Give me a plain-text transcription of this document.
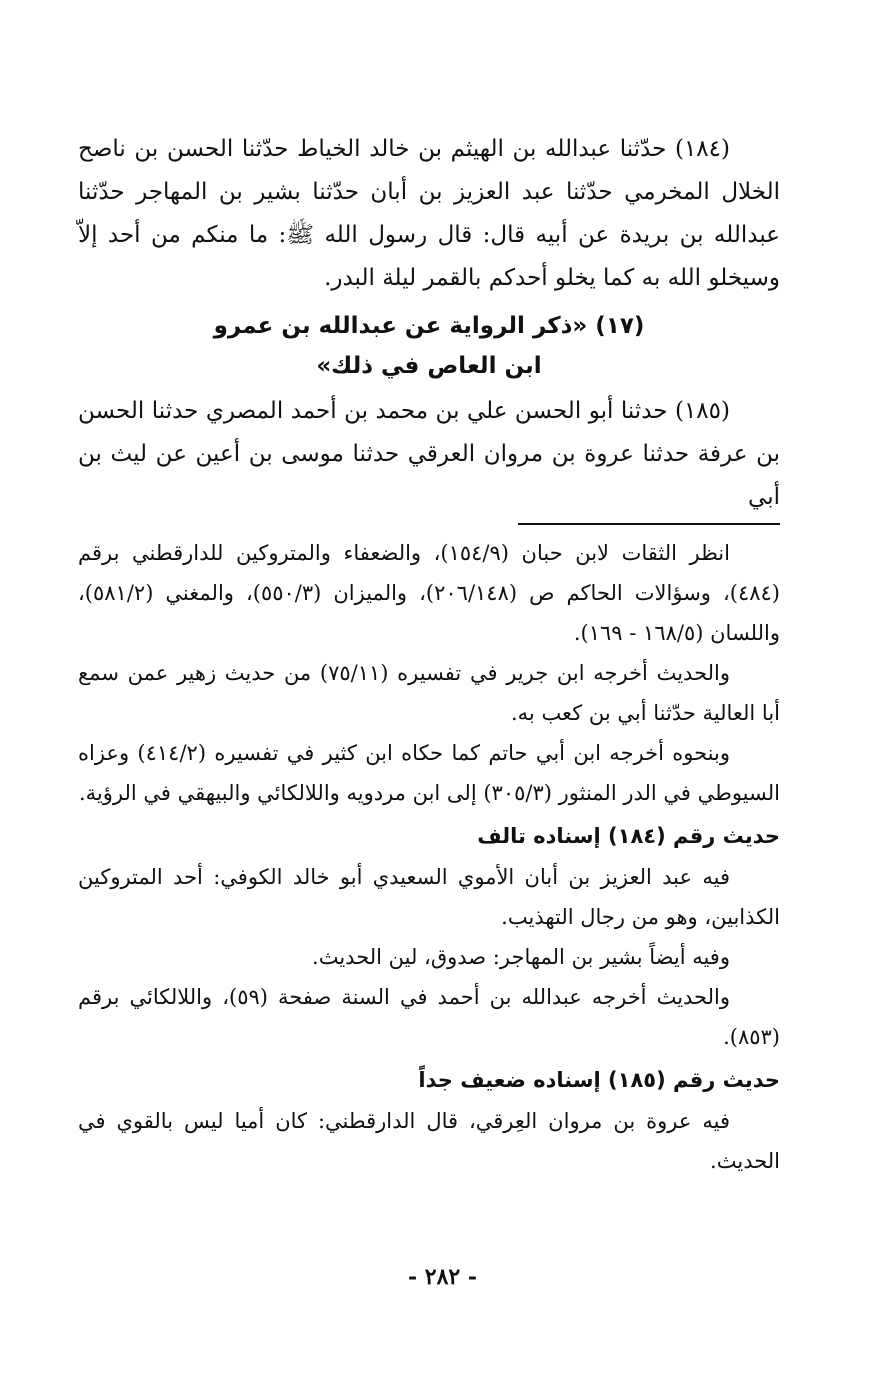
(١٨٤) حدّثنا عبدالله بن الهيثم بن خالد الخياط حدّثنا الحسن بن ناصح الخلال المخرمي حدّثنا عبد العزيز بن أبان حدّثنا بشير بن المهاجر حدّثنا عبدالله بن بريدة عن أبيه قال: قال رسول الله ﷺ: ما منكم من أحد إلاّ وسيخلو الله به كما يخلو أحدكم بالقمر ليلة البدر.

(١٧) «ذكر الرواية عن عبدالله بن عمرو
ابن العاص في ذلك»

(١٨٥) حدثنا أبو الحسن علي بن محمد بن أحمد المصري حدثنا الحسن بن عرفة حدثنا عروة بن مروان العرقي حدثنا موسى بن أعين عن ليث بن أبي

انظر الثقات لابن حبان (١٥٤/٩)، والضعفاء والمتروكين للدارقطني برقم (٤٨٤)، وسؤالات الحاكم ص (٢٠٦/١٤٨)، والميزان (٥٥٠/٣)، والمغني (٥٨١/٢)، واللسان (١٦٨/٥ - ١٦٩).

والحديث أخرجه ابن جرير في تفسيره (٧٥/١١) من حديث زهير عمن سمع أبا العالية حدّثنا أبي بن كعب به.

وبنحوه أخرجه ابن أبي حاتم كما حكاه ابن كثير في تفسيره (٤١٤/٢) وعزاه السيوطي في الدر المنثور (٣٠٥/٣) إلى ابن مردويه واللالكائي والبيهقي في الرؤية.

حديث رقم (١٨٤) إسناده تالف

فيه عبد العزيز بن أبان الأموي السعيدي أبو خالد الكوفي: أحد المتروكين الكذابين، وهو من رجال التهذيب.

وفيه أيضاً بشير بن المهاجر: صدوق، لين الحديث.

والحديث أخرجه عبدالله بن أحمد في السنة صفحة (٥٩)، واللالكائي برقم (٨٥٣).

حديث رقم (١٨٥) إسناده ضعيف جداً

فيه عروة بن مروان العِرقي، قال الدارقطني: كان أميا ليس بالقوي في الحديث.

- ٢٨٢ -
